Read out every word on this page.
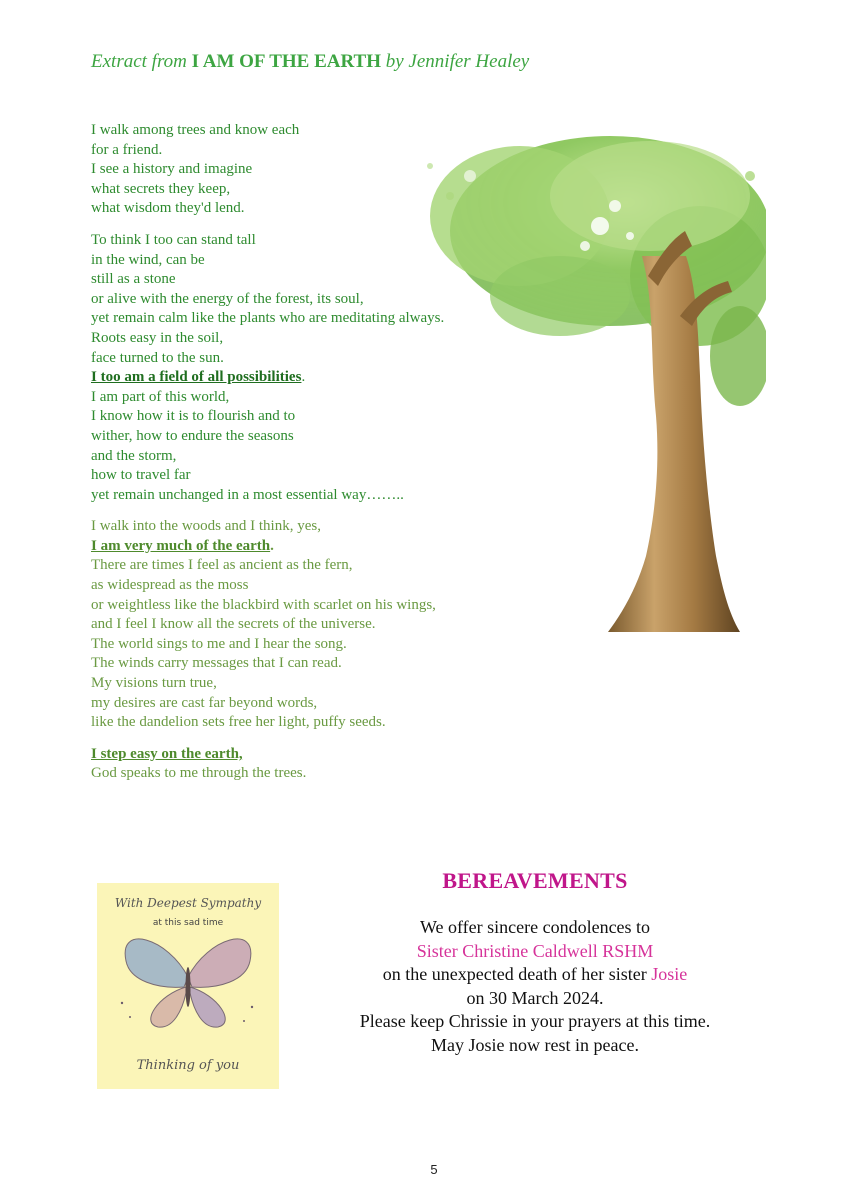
Extract from I AM OF THE EARTH by Jennifer Healey
I walk among trees and know each
for a friend.
I see a history and imagine
what secrets they keep,
what wisdom they'd lend.
To think I too can stand tall
in the wind, can be
still as a stone
or alive with the energy of the forest, its soul,
yet remain calm like the plants who are meditating always.
Roots easy in the soil,
face turned to the sun.
I too am a field of all possibilities.
I am part of this world,
I know how it is to flourish and to
wither, how to endure the seasons
and the storm,
how to travel far
yet remain unchanged in a most essential way……..
I walk into the woods and I think, yes,
I am very much of the earth.
There are times I feel as ancient as the fern,
as widespread as the moss
or weightless like the blackbird with scarlet on his wings,
and I feel I know all the secrets of the universe.
The world sings to me and I hear the song.
The winds carry messages that I can read.
My visions turn true,
my desires are cast far beyond words,
like the dandelion sets free her light, puffy seeds.
I step easy on the earth,
God speaks to me through the trees.
With Deepest Sympathy
at this sad time
Thinking of you
BEREAVEMENTS
We offer sincere condolences to
Sister Christine Caldwell RSHM
on the unexpected death of her sister Josie
on 30 March 2024.
Please keep Chrissie in your prayers at this time.
May Josie now rest in peace.
5
